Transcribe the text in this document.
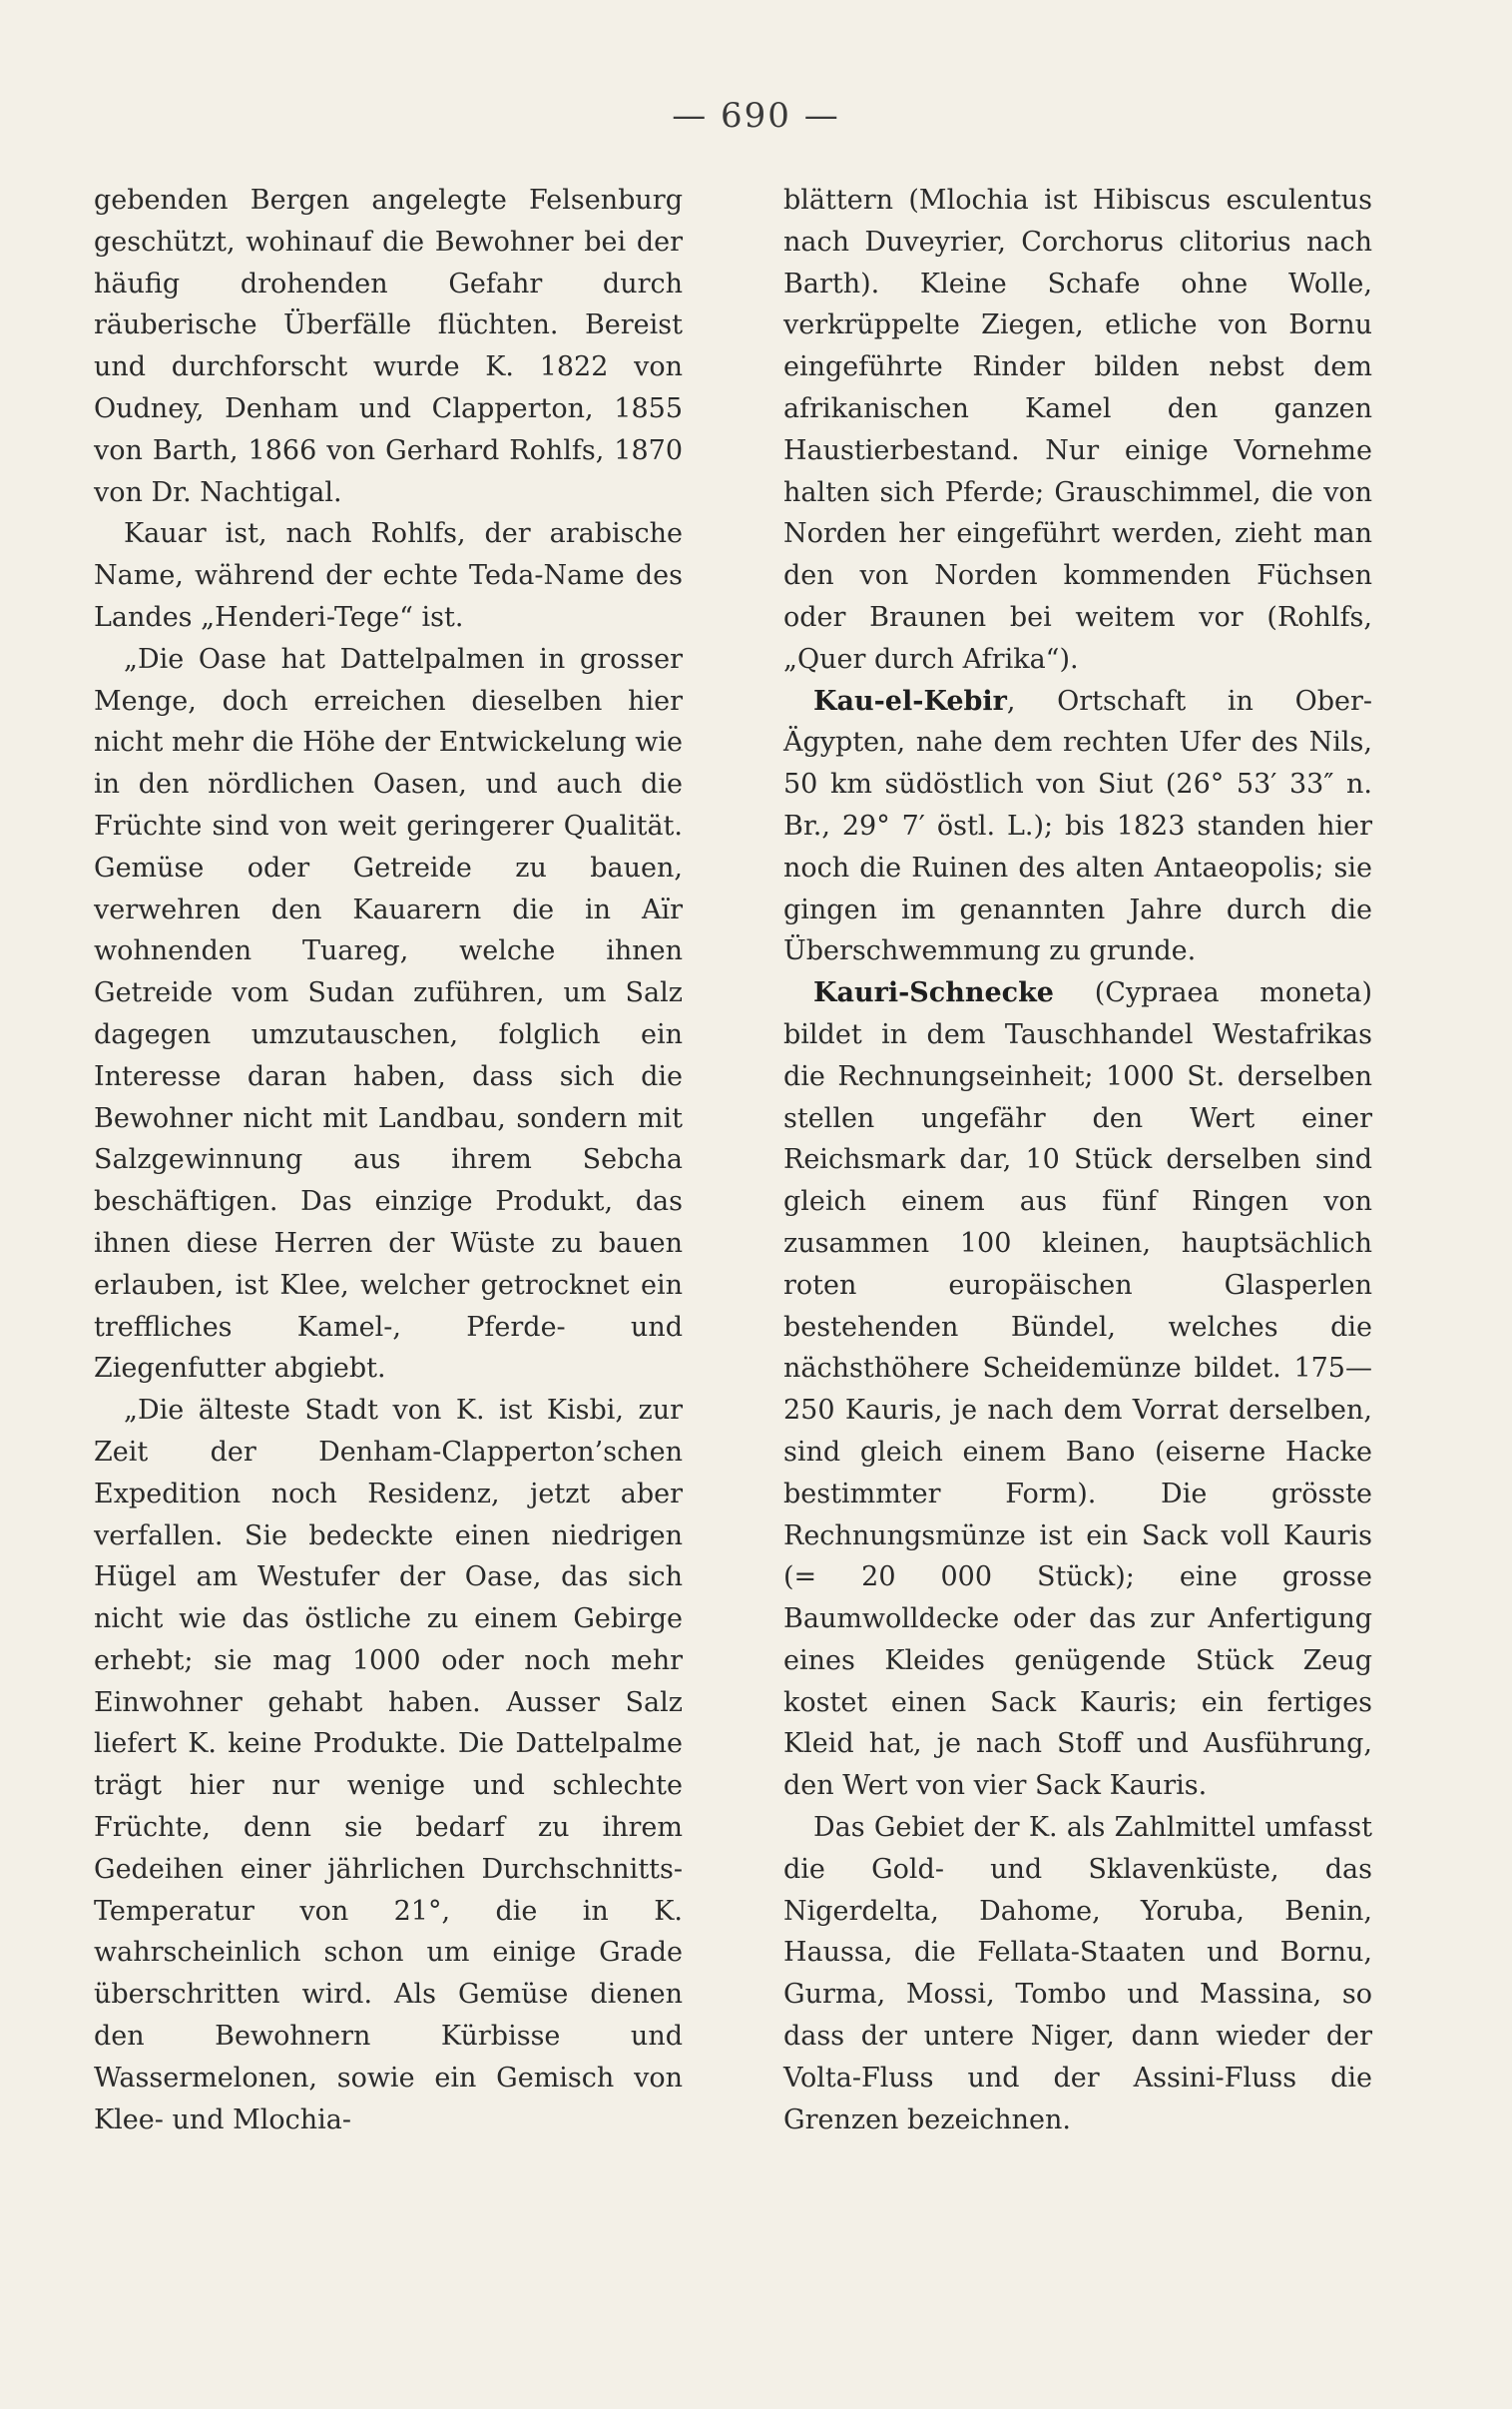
— 690 —

gebenden Bergen angelegte Felsenburg geschützt, wohinauf die Bewohner bei der häufig drohenden Gefahr durch räuberische Überfälle flüchten. Bereist und durchforscht wurde K. 1822 von Oudney, Denham und Clapperton, 1855 von Barth, 1866 von Gerhard Rohlfs, 1870 von Dr. Nachtigal.

Kauar ist, nach Rohlfs, der arabische Name, während der echte Teda-Name des Landes „Henderi-Tege“ ist.

„Die Oase hat Dattelpalmen in grosser Menge, doch erreichen dieselben hier nicht mehr die Höhe der Entwickelung wie in den nördlichen Oasen, und auch die Früchte sind von weit geringerer Qualität. Gemüse oder Getreide zu bauen, verwehren den Kauarern die in Aïr wohnenden Tuareg, welche ihnen Getreide vom Sudan zuführen, um Salz dagegen umzutauschen, folglich ein Interesse daran haben, dass sich die Bewohner nicht mit Landbau, sondern mit Salzgewinnung aus ihrem Sebcha beschäftigen. Das einzige Produkt, das ihnen diese Herren der Wüste zu bauen erlauben, ist Klee, welcher getrocknet ein treffliches Kamel-, Pferde- und Ziegenfutter abgiebt.

„Die älteste Stadt von K. ist Kisbi, zur Zeit der Denham-Clapperton’schen Expedition noch Residenz, jetzt aber verfallen. Sie bedeckte einen niedrigen Hügel am Westufer der Oase, das sich nicht wie das östliche zu einem Gebirge erhebt; sie mag 1000 oder noch mehr Einwohner gehabt haben. Ausser Salz liefert K. keine Produkte. Die Dattelpalme trägt hier nur wenige und schlechte Früchte, denn sie bedarf zu ihrem Gedeihen einer jährlichen Durchschnitts-Temperatur von 21°, die in K. wahrscheinlich schon um einige Grade überschritten wird. Als Gemüse dienen den Bewohnern Kürbisse und Wassermelonen, sowie ein Gemisch von Klee- und Mlochia-

blättern (Mlochia ist Hibiscus esculentus nach Duveyrier, Corchorus clitorius nach Barth). Kleine Schafe ohne Wolle, verkrüppelte Ziegen, etliche von Bornu eingeführte Rinder bilden nebst dem afrikanischen Kamel den ganzen Haustierbestand. Nur einige Vornehme halten sich Pferde; Grauschimmel, die von Norden her eingeführt werden, zieht man den von Norden kommenden Füchsen oder Braunen bei weitem vor (Rohlfs, „Quer durch Afrika“).

Kau-el-Kebir, Ortschaft in Ober-Ägypten, nahe dem rechten Ufer des Nils, 50 km südöstlich von Siut (26° 53′ 33″ n. Br., 29° 7′ östl. L.); bis 1823 standen hier noch die Ruinen des alten Antaeopolis; sie gingen im genannten Jahre durch die Überschwemmung zu grunde.

Kauri-Schnecke (Cypraea moneta) bildet in dem Tauschhandel Westafrikas die Rechnungseinheit; 1000 St. derselben stellen ungefähr den Wert einer Reichsmark dar, 10 Stück derselben sind gleich einem aus fünf Ringen von zusammen 100 kleinen, hauptsächlich roten europäischen Glasperlen bestehenden Bündel, welches die nächsthöhere Scheidemünze bildet. 175—250 Kauris, je nach dem Vorrat derselben, sind gleich einem Bano (eiserne Hacke bestimmter Form). Die grösste Rechnungsmünze ist ein Sack voll Kauris (= 20 000 Stück); eine grosse Baumwolldecke oder das zur Anfertigung eines Kleides genügende Stück Zeug kostet einen Sack Kauris; ein fertiges Kleid hat, je nach Stoff und Ausführung, den Wert von vier Sack Kauris.

Das Gebiet der K. als Zahlmittel umfasst die Gold- und Sklavenküste, das Nigerdelta, Dahome, Yoruba, Benin, Haussa, die Fellata-Staaten und Bornu, Gurma, Mossi, Tombo und Massina, so dass der untere Niger, dann wieder der Volta-Fluss und der Assini-Fluss die Grenzen bezeichnen.
